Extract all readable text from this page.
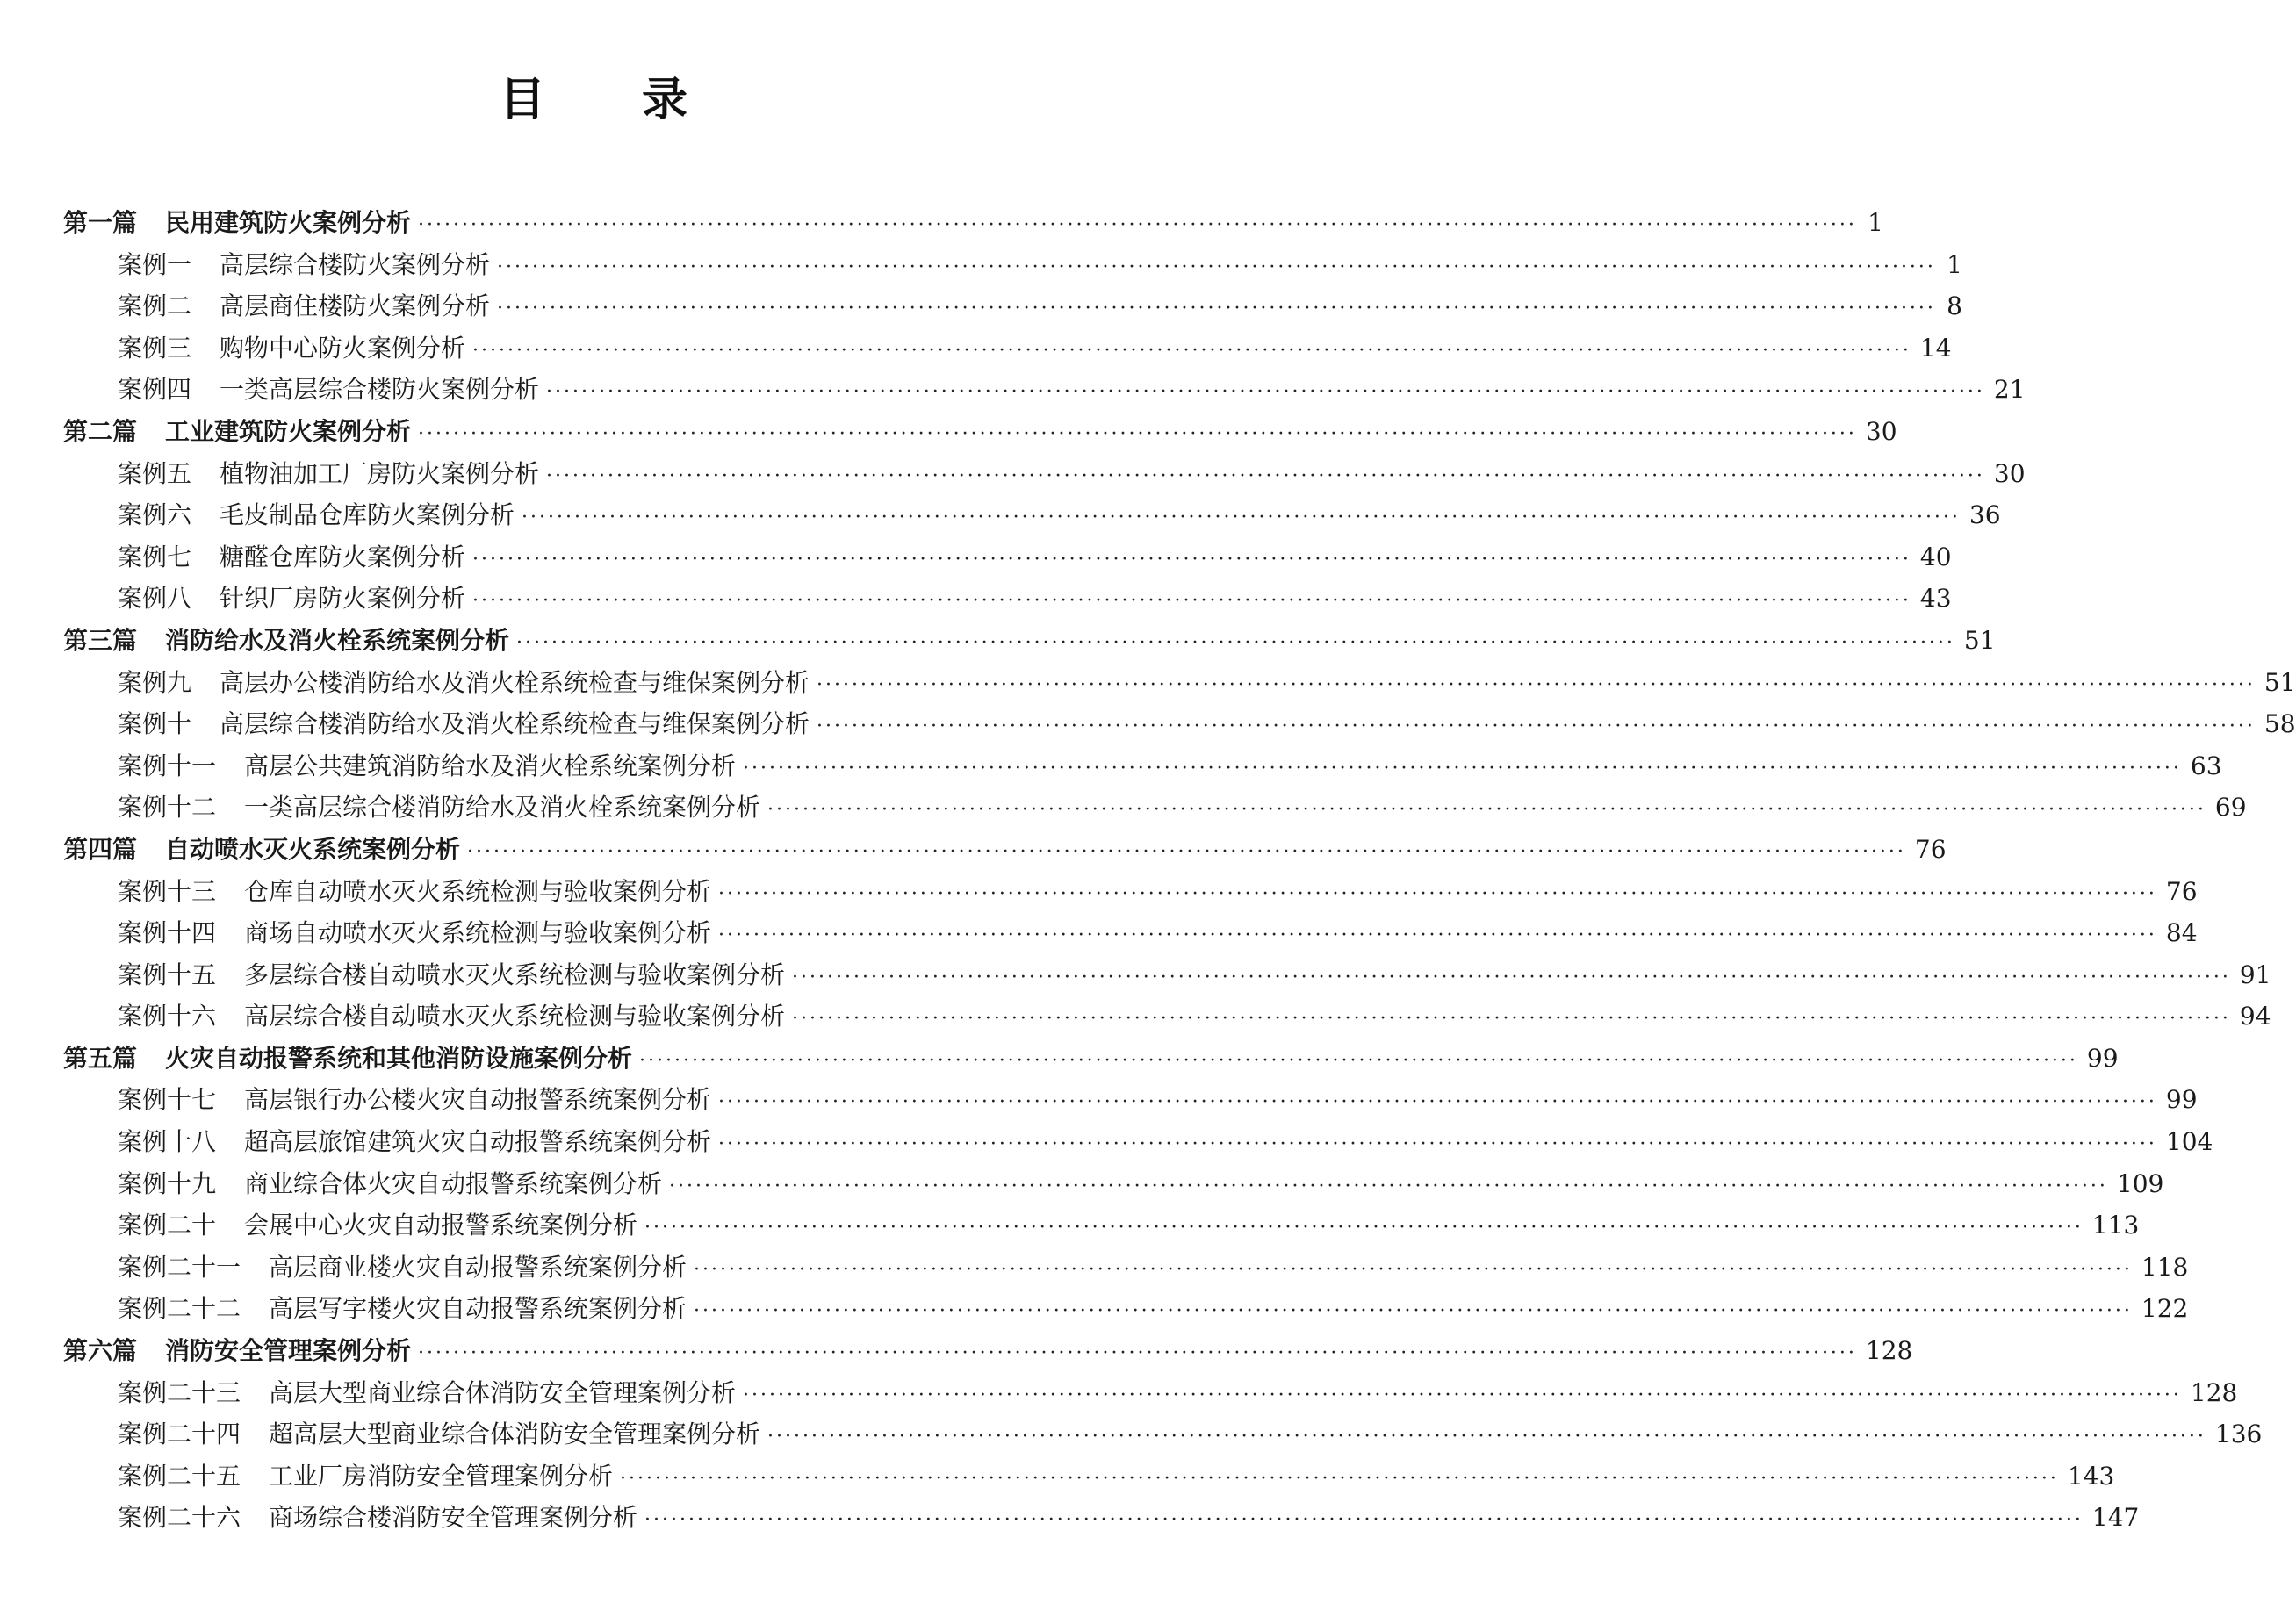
目 录
第一篇 民用建筑防火案例分析 ···································································································································································· 1
案例一 高层综合楼防火案例分析 ···································································································································································· 1
案例二 高层商住楼防火案例分析 ···································································································································································· 8
案例三 购物中心防火案例分析 ···································································································································································· 14
案例四 一类高层综合楼防火案例分析 ···································································································································································· 21
第二篇 工业建筑防火案例分析 ···································································································································································· 30
案例五 植物油加工厂房防火案例分析 ···································································································································································· 30
案例六 毛皮制品仓库防火案例分析 ···································································································································································· 36
案例七 糖醛仓库防火案例分析 ···································································································································································· 40
案例八 针织厂房防火案例分析 ···································································································································································· 43
第三篇 消防给水及消火栓系统案例分析 ···································································································································································· 51
案例九 高层办公楼消防给水及消火栓系统检查与维保案例分析 ···································································································································································· 51
案例十 高层综合楼消防给水及消火栓系统检查与维保案例分析 ···································································································································································· 58
案例十一 高层公共建筑消防给水及消火栓系统案例分析 ···································································································································································· 63
案例十二 一类高层综合楼消防给水及消火栓系统案例分析 ···································································································································································· 69
第四篇 自动喷水灭火系统案例分析 ···································································································································································· 76
案例十三 仓库自动喷水灭火系统检测与验收案例分析 ···································································································································································· 76
案例十四 商场自动喷水灭火系统检测与验收案例分析 ···································································································································································· 84
案例十五 多层综合楼自动喷水灭火系统检测与验收案例分析 ···································································································································································· 91
案例十六 高层综合楼自动喷水灭火系统检测与验收案例分析 ···································································································································································· 94
第五篇 火灾自动报警系统和其他消防设施案例分析 ···································································································································································· 99
案例十七 高层银行办公楼火灾自动报警系统案例分析 ···································································································································································· 99
案例十八 超高层旅馆建筑火灾自动报警系统案例分析 ···································································································································································· 104
案例十九 商业综合体火灾自动报警系统案例分析 ···································································································································································· 109
案例二十 会展中心火灾自动报警系统案例分析 ···································································································································································· 113
案例二十一 高层商业楼火灾自动报警系统案例分析 ···································································································································································· 118
案例二十二 高层写字楼火灾自动报警系统案例分析 ···································································································································································· 122
第六篇 消防安全管理案例分析 ···································································································································································· 128
案例二十三 高层大型商业综合体消防安全管理案例分析 ···································································································································································· 128
案例二十四 超高层大型商业综合体消防安全管理案例分析 ···································································································································································· 136
案例二十五 工业厂房消防安全管理案例分析 ···································································································································································· 143
案例二十六 商场综合楼消防安全管理案例分析 ···································································································································································· 147
